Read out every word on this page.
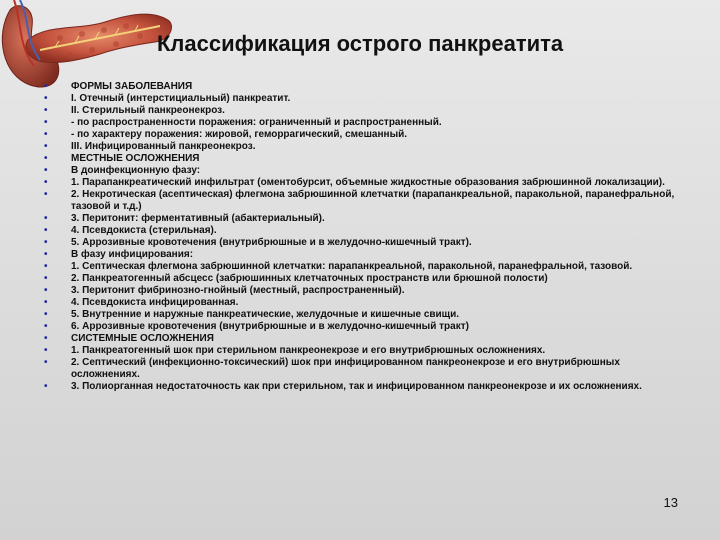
Классификация острого панкреатита
• ФОРМЫ ЗАБОЛЕВАНИЯ
• I. Отечный (интерстициальный) панкреатит.
• II. Стерильный панкреонекроз.
• - по распространенности поражения: ограниченный и распространенный.
• - по характеру поражения: жировой, геморрагический, смешанный.
• III. Инфицированный панкреонекроз.
• МЕСТНЫЕ ОСЛОЖНЕНИЯ
• В доинфекционную фазу:
• 1. Парапанкреатический инфильтрат (оментобурсит, объемные жидкостные образования забрюшинной локализации).
• 2. Некротическая (асептическая) флегмона забрюшинной клетчатки (парапанкреальной, паракольной, паранефральной, тазовой и т.д.)
• 3. Перитонит: ферментативный (абактериальный).
• 4. Псевдокиста (стерильная).
• 5. Аррозивные кровотечения (внутрибрюшные и в желудочно-кишечный тракт).
• В фазу инфицирования:
• 1. Септическая флегмона забрюшинной клетчатки: парапанкреальной, паракольной, паранефральной, тазовой.
• 2. Панкреатогенный абсцесс (забрюшинных клетчаточных пространств или брюшной полости)
• 3. Перитонит фибринозно-гнойный (местный, распространенный).
• 4. Псевдокиста инфицированная.
• 5. Внутренние и наружные панкреатические, желудочные и кишечные свищи.
• 6. Аррозивные кровотечения (внутрибрюшные и в желудочно-кишечный тракт)
• СИСТЕМНЫЕ ОСЛОЖНЕНИЯ
• 1. Панкреатогенный шок при стерильном панкреонекрозе и его внутрибрюшных осложнениях.
• 2. Септический (инфекционно-токсический) шок при инфицированном панкреонекрозе и его внутрибрюшных осложнениях.
• 3. Полиорганная недостаточность как при стерильном, так и инфицированном панкреонекрозе и их осложнениях.
13
